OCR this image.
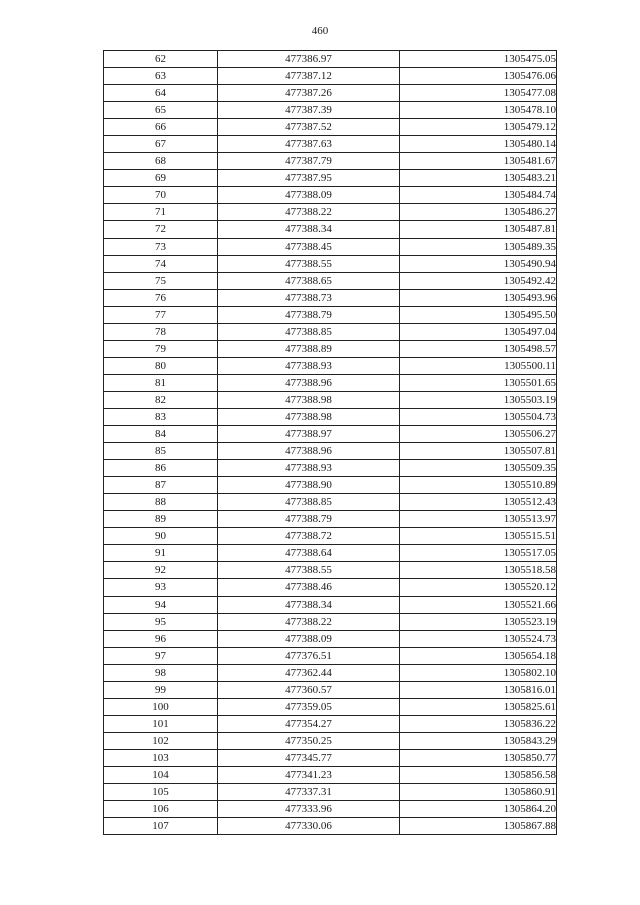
460
62	477386.97	1305475.05
63	477387.12	1305476.06
64	477387.26	1305477.08
65	477387.39	1305478.10
66	477387.52	1305479.12
67	477387.63	1305480.14
68	477387.79	1305481.67
69	477387.95	1305483.21
70	477388.09	1305484.74
71	477388.22	1305486.27
72	477388.34	1305487.81
73	477388.45	1305489.35
74	477388.55	1305490.94
75	477388.65	1305492.42
76	477388.73	1305493.96
77	477388.79	1305495.50
78	477388.85	1305497.04
79	477388.89	1305498.57
80	477388.93	1305500.11
81	477388.96	1305501.65
82	477388.98	1305503.19
83	477388.98	1305504.73
84	477388.97	1305506.27
85	477388.96	1305507.81
86	477388.93	1305509.35
87	477388.90	1305510.89
88	477388.85	1305512.43
89	477388.79	1305513.97
90	477388.72	1305515.51
91	477388.64	1305517.05
92	477388.55	1305518.58
93	477388.46	1305520.12
94	477388.34	1305521.66
95	477388.22	1305523.19
96	477388.09	1305524.73
97	477376.51	1305654.18
98	477362.44	1305802.10
99	477360.57	1305816.01
100	477359.05	1305825.61
101	477354.27	1305836.22
102	477350.25	1305843.29
103	477345.77	1305850.77
104	477341.23	1305856.58
105	477337.31	1305860.91
106	477333.96	1305864.20
107	477330.06	1305867.88
